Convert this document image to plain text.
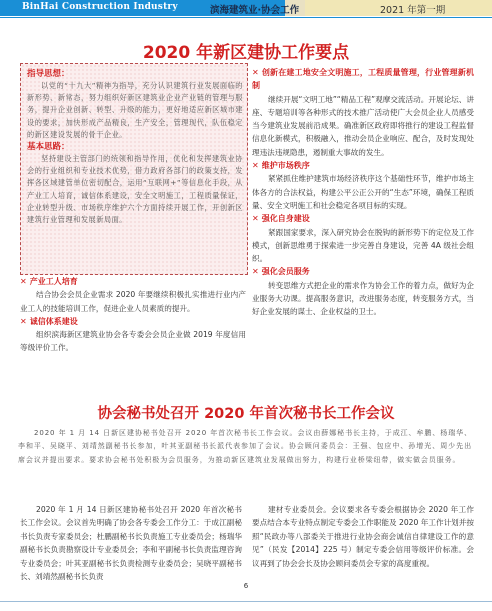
BinHai Construction Industry	滨海建筑业·协会工作	2021 年第一期
2020 年新区建协工作要点
指导思想：
以党的“十九大”精神为指导，充分认识建筑行业发展面临的新形势、新常态，努力组织好新区建筑业企业产业链的管理与服务，提升企业创新、转型、升级的能力，更好地适应新区城市建设的要求，加快形成产品精良，生产安全，管理现代，队伍稳定的新区建设发展的骨干企业。
基本思路：
坚持建设主管部门的统领和指导作用，优化和发挥建筑业协会的行业组织和专业技术优势，借力政府各部门的政策支持，发挥各区域建管单位密切配合，运用“互联网+”等信息化手段，从产业工人培育，诚信体系建设，安全文明施工，工程质量保证，企业转型升级、市场秩序维护六个方面持续开展工作，开创新区建筑行业管理和发展新局面。
✕ 产业工人培育
结合协会会员企业需求 2020 年要继续积极扎实推进行业内产业工人的技能培训工作，促进企业人员素质的提升。
✕ 诚信体系建设
组织滨海新区建筑业协会各专委会会员企业做 2019 年度信用等级评价工作。
✕ 创新在建工地安全文明施工，工程质量管理，行业管理新机制
继续开展“文明工地”“精品工程”观摩交流活动。开展论坛、讲座、专题培训等各种形式的技术推广活动使广大会员企业人员感受当今建筑业发展前沿成果。确准新区政府即将推行的建设工程监督信息化新模式，积极融入，推动会员企业响应、配合，及时发现处理违法违规隐患，遏制重大事故的发生。
✕ 维护市场秩序
紧紧抓住维护建筑市场经济秩序这个基础性环节，维护市场主体各方的合法权益，构建公平公正公开的“生态”环境，确保工程质量、安全文明施工和社会稳定各项目标的实现。
✕ 强化自身建设
紧跟国家要求，深入研究协会在脱钩的新形势下的定位及工作模式，创新思维勇于探索进一步完善自身建设，完善 4A 级社会组织。
✕ 强化会员服务
转变思维方式把企业的需求作为协会工作的着力点，做好为企业服务大功课。提高服务意识，改进服务态度，转变服务方式，当好企业发展的谋士、企业权益的卫士。
协会秘书处召开 2020 年首次秘书长工作会议
2020 年 1 月 14 日新区建协秘书处召开 2020 年首次秘书长工作会议。会议由薛娜秘书长主持，于成江、牟鹏、杨瑞华、李和平、吴晓平、刘靖然副秘书长参加，叶其亚副秘书长派代表参加了会议。协会顾问委员会：王强、包应中、孙增光、周少先出席会议并提出要求。要求协会秘书处积极为会员服务，为推动新区建筑业发展做出努力，构建行业桥梁纽带，做实做会员服务。
2020 年 1 月 14 日新区建协秘书处召开 2020 年首次秘书长工作会议。会议首先明确了协会各专委会工作分工：于成江副秘书长负责专家委员会；杜鹏副秘书长负责施工专业委员会；杨瑞华副秘书长负责勘察设计专业委员会；李和平副秘书长负责监理咨询专业委员会；叶其亚副秘书长负责检测专业委员会；吴晓平副秘书长、刘靖然副秘书长负责
建材专业委员会。会议要求各专委会根据协会 2020 年工作要点结合本专业特点制定专委会工作职能及 2020 年工作计划并按照“民政办等八部委关于推进行业协会商会诚信自律建设工作的意见”（民发【2014】225 号）制定专委会信用等级评价标准。会议再到了协会会长及协会顾问委员会专家的高度重视。
6
